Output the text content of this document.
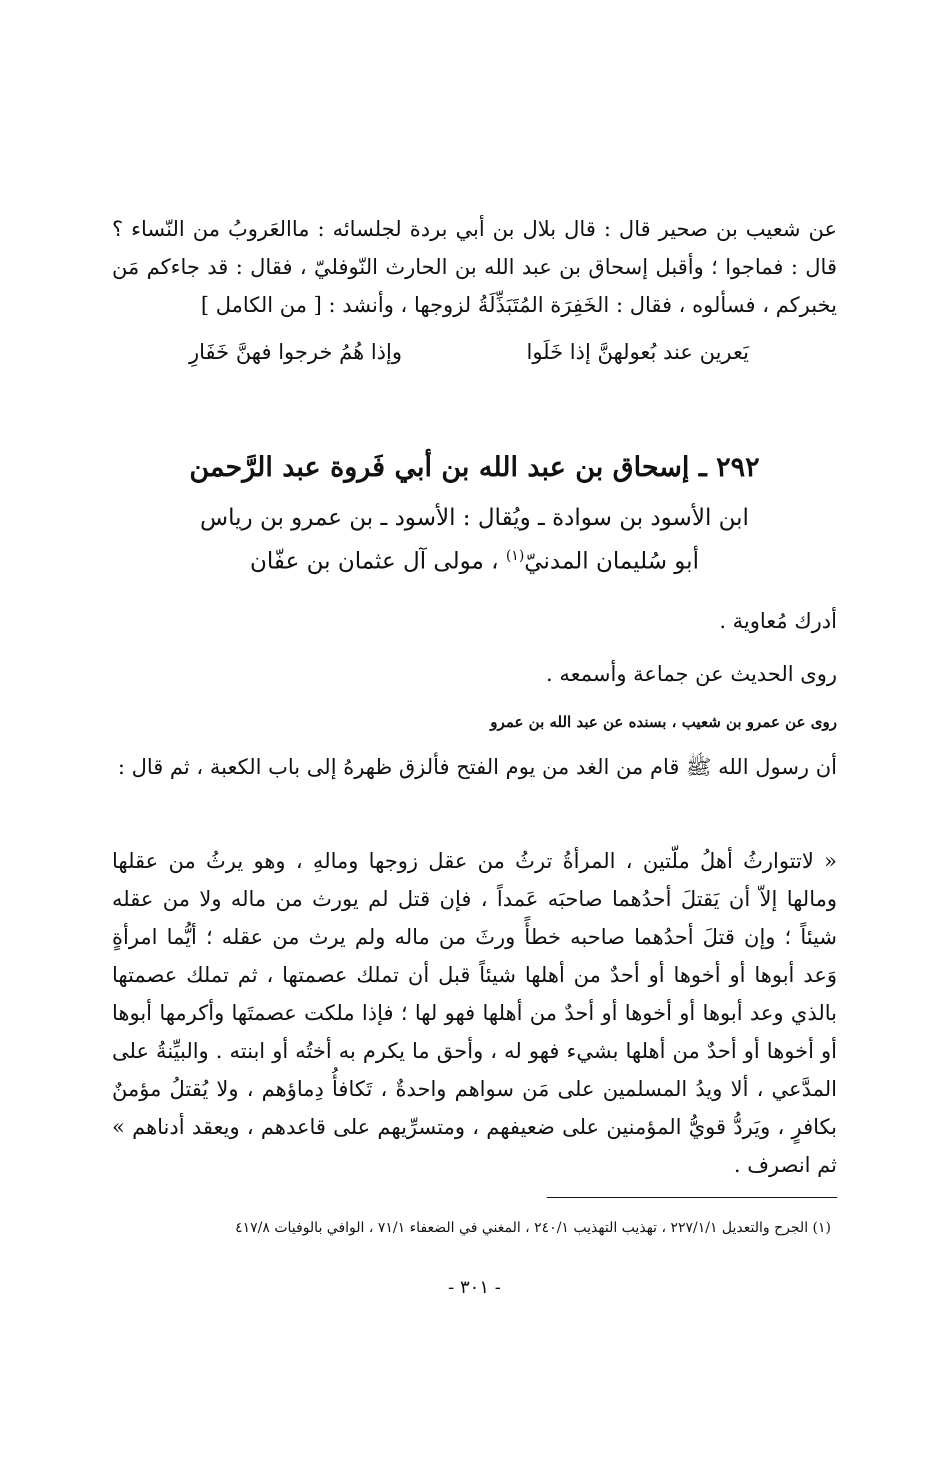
عن شعيب بن صحير قال : قال بلال بن أبي بردة لجلسائه : ماالعَروبُ من النّساء ؟ قال : فماجوا ؛ وأقبل إسحاق بن عبد الله بن الحارث النّوفليّ ، فقال : قد جاءكم مَن يخبركم ، فسألوه ، فقال : الخَفِرَة المُتَبَذِّلَةُ لزوجها ، وأنشد : [ من الكامل ]

يَعرين عند بُعولهنَّ إذا خَلَوا
وإذا هُمُ خرجوا فهنَّ خَفَارِ
٢٩٢ ـ إسحاق بن عبد الله بن أبي فَروة عبد الرَّحمن
ابن الأسود بن سوادة ـ ويُقال : الأسود ـ بن عمرو بن رياس
أبو سُليمان المدنيّ$^{(١)}$ ، مولى آل عثمان بن عفّان
أدرك مُعاوية .
روى الحديث عن جماعة وأسمعه .
روى عن عمرو بن شعيب ، بسنده عن عبد الله بن عمرو

أن رسول الله ﷺ قام من الغد من يوم الفتح فألزق ظهرهُ إلى باب الكعبة ، ثم قال :

« لاتتوارثُ أهلُ ملّتين ، المرأةُ ترثُ من عقل زوجها ومالهِ ، وهو يرثُ من عقلها ومالها إلاّ أن يَقتلَ أحدُهما صاحبَه عَمداً ، فإن قتل لم يورث من ماله ولا من عقله شيئاً ؛ وإن قتلَ أحدُهما صاحبه خطأً ورثَ من ماله ولم يرث من عقله ؛ أيُّما امرأةٍ وَعد أبوها أو أخوها أو أحدٌ من أهلها شيئاً قبل أن تملك عصمتها ، ثم تملك عصمتها بالذي وعد أبوها أو أخوها أو أحدٌ من أهلها فهو لها ؛ فإذا ملكت عصمتَها وأكرمها أبوها أو أخوها أو أحدٌ من أهلها بشيء فهو له ، وأحق ما يكرم به أختُه أو ابنته . والبيِّنةُ على المدَّعي ، ألا ويدُ المسلمين على مَن سواهم واحدةٌ ، تَكافأُ دِماؤهم ، ولا يُقتلُ مؤمنٌ بكافرٍ ، ويَردُّ قويُّ المؤمنين على ضعيفهم ، ومتسرِّيهم على قاعدهم ، ويعقد أدناهم » ثم انصرف .

(١) الجرح والتعديل ٢٢٧/١/١ ، تهذيب التهذيب ٢٤٠/١ ، المغني في الضعفاء ٧١/١ ، الوافي بالوفيات ٤١٧/٨
- ٣٠١ -
